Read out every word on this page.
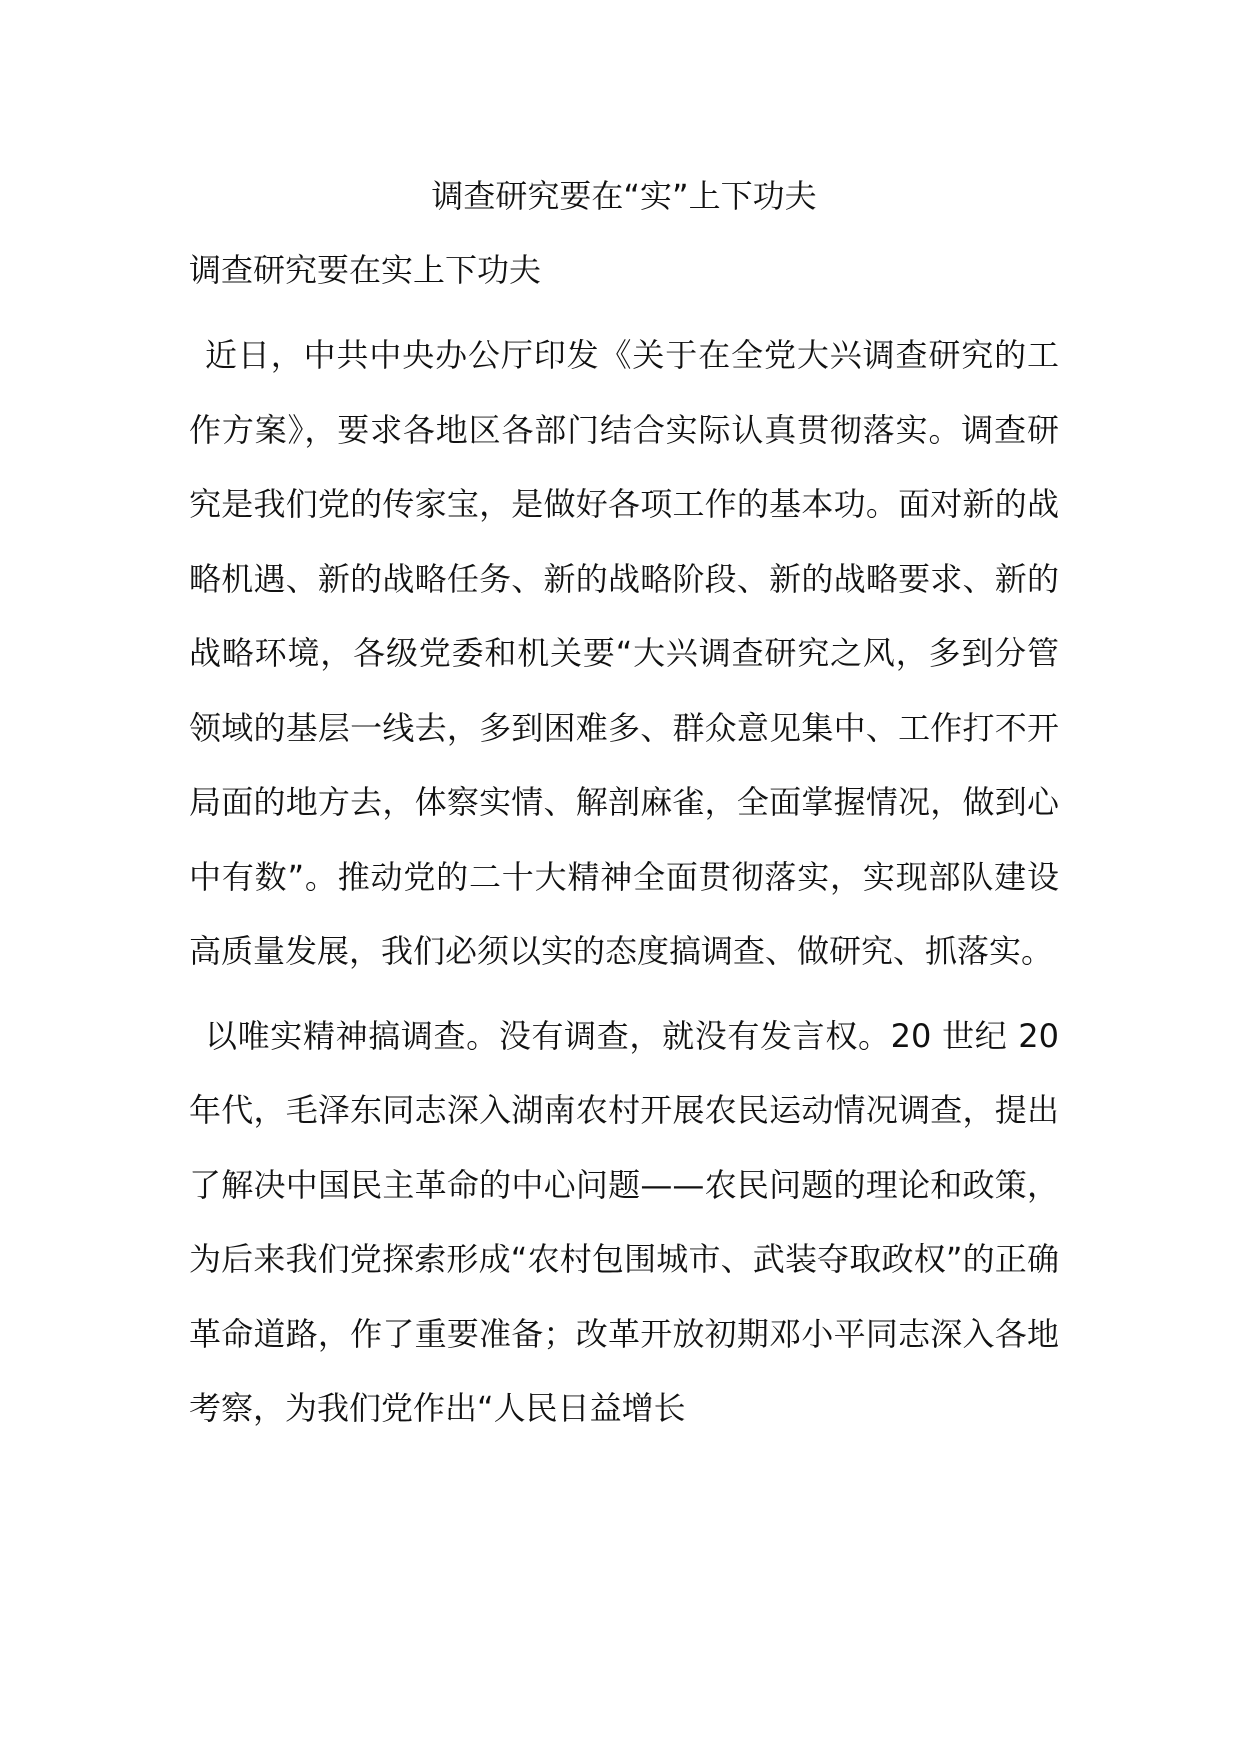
调查研究要在“实”上下功夫
调查研究要在实上下功夫

近日，中共中央办公厅印发《关于在全党大兴调查研究的工作方案》，要求各地区各部门结合实际认真贯彻落实。调查研究是我们党的传家宝，是做好各项工作的基本功。面对新的战略机遇、新的战略任务、新的战略阶段、新的战略要求、新的战略环境，各级党委和机关要“大兴调查研究之风，多到分管领域的基层一线去，多到困难多、群众意见集中、工作打不开局面的地方去，体察实情、解剖麻雀，全面掌握情况，做到心中有数”。推动党的二十大精神全面贯彻落实，实现部队建设高质量发展，我们必须以实的态度搞调查、做研究、抓落实。

以唯实精神搞调查。没有调查，就没有发言权。20 世纪 20 年代，毛泽东同志深入湖南农村开展农民运动情况调查，提出了解决中国民主革命的中心问题——农民问题的理论和政策，为后来我们党探索形成“农村包围城市、武装夺取政权”的正确革命道路，作了重要准备；改革开放初期邓小平同志深入各地考察，为我们党作出“人民日益增长
